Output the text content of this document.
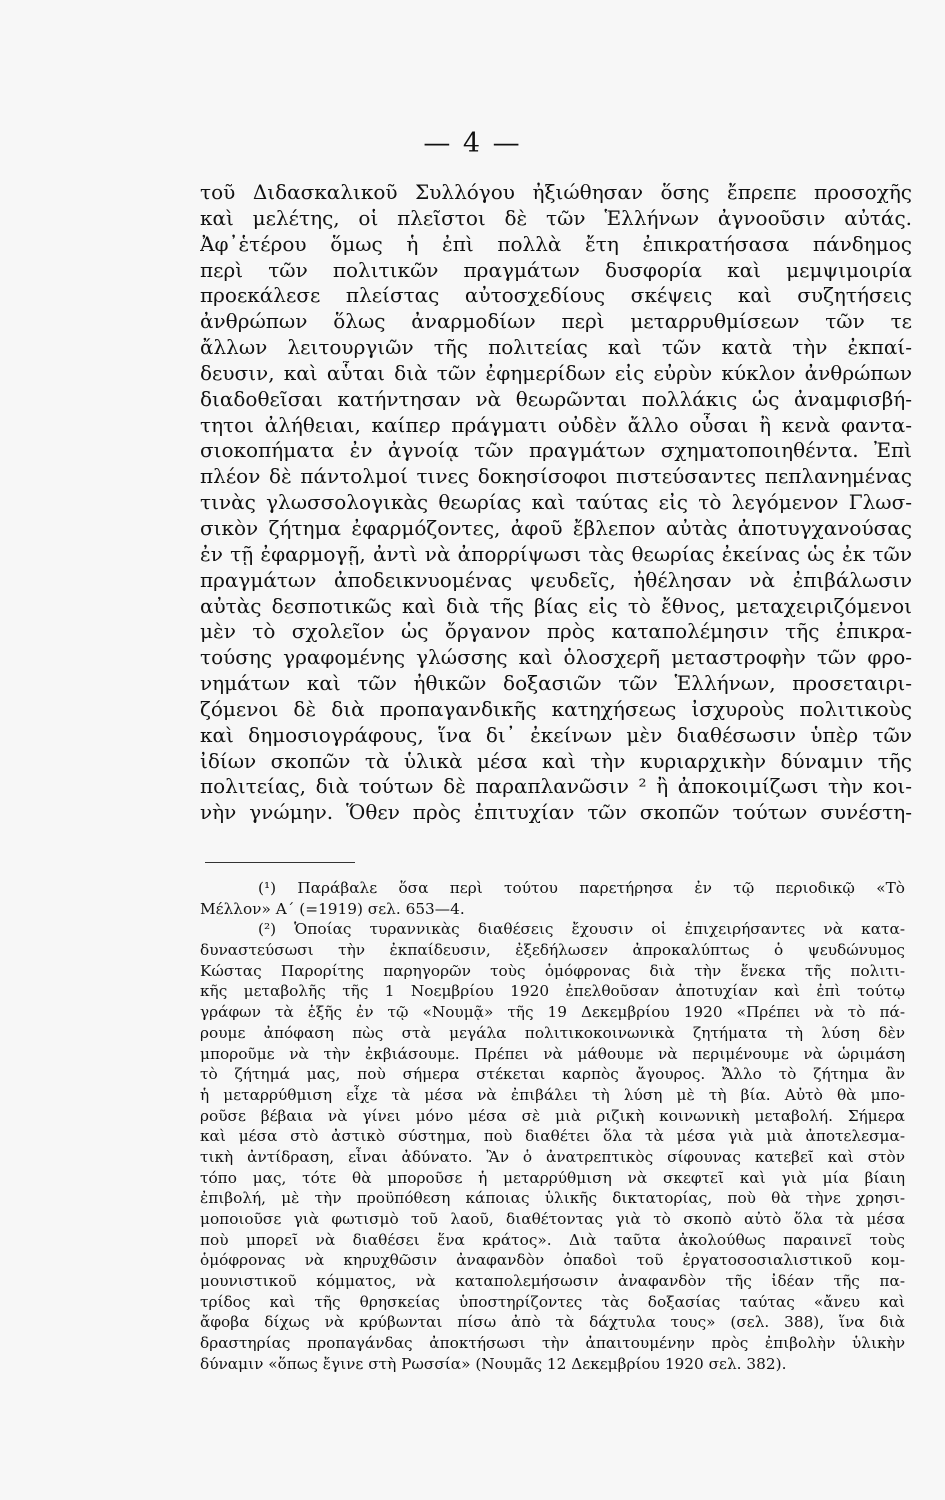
— 4 —
τοῦ Διδασκαλικοῦ Συλλόγου ἠξιώθησαν ὅσης ἔπρεπε προσοχῆς
καὶ μελέτης, οἱ πλεῖστοι δὲ τῶν Ἑλλήνων ἀγνοοῦσιν αὐτάς.
Ἀφ᾽ἑτέρου ὅμως ἡ ἐπὶ πολλὰ ἔτη ἐπικρατήσασα πάνδημος
περὶ τῶν πολιτικῶν πραγμάτων δυσφορία καὶ μεμψιμοιρία
προεκάλεσε πλείστας αὐτοσχεδίους σκέψεις καὶ συζητήσεις
ἀνθρώπων ὅλως ἀναρμοδίων περὶ μεταρρυθμίσεων τῶν τε
ἄλλων λειτουργιῶν τῆς πολιτείας καὶ τῶν κατὰ τὴν ἐκπαί-
δευσιν, καὶ αὗται διὰ τῶν ἐφημερίδων εἰς εὐρὺν κύκλον ἀνθρώπων
διαδοθεῖσαι κατήντησαν νὰ θεωρῶνται πολλάκις ὡς ἀναμφισβή-
τητοι ἀλήθειαι, καίπερ πράγματι οὐδὲν ἄλλο οὖσαι ἢ κενὰ φαντα-
σιοκοπήματα ἐν ἀγνοίᾳ τῶν πραγμάτων σχηματοποιηθέντα. Ἐπὶ
πλέον δὲ πάντολμοί τινες δοκησίσοφοι πιστεύσαντες πεπλανημένας
τινὰς γλωσσολογικὰς θεωρίας καὶ ταύτας εἰς τὸ λεγόμενον Γλωσ-
σικὸν ζήτημα ἐφαρμόζοντες, ἀφοῦ ἔβλεπον αὐτὰς ἀποτυγχανούσας
ἐν τῇ ἐφαρμογῇ, ἀντὶ νὰ ἀπορρίψωσι τὰς θεωρίας ἐκείνας ὡς ἐκ τῶν
πραγμάτων ἀποδεικνυομένας ψευδεῖς, ἠθέλησαν νὰ ἐπιβάλωσιν
αὐτὰς δεσποτικῶς καὶ διὰ τῆς βίας εἰς τὸ ἔθνος, μεταχειριζόμενοι
μὲν τὸ σχολεῖον ὡς ὄργανον πρὸς καταπολέμησιν τῆς ἐπικρα-
τούσης γραφομένης γλώσσης καὶ ὁλοσχερῆ μεταστροφὴν τῶν φρο-
νημάτων καὶ τῶν ἠθικῶν δοξασιῶν τῶν Ἑλλήνων, προσεταιρι-
ζόμενοι δὲ διὰ προπαγανδικῆς κατηχήσεως ἰσχυροὺς πολιτικοὺς
καὶ δημοσιογράφους, ἵνα δι᾽ ἐκείνων μὲν διαθέσωσιν ὑπὲρ τῶν
ἰδίων σκοπῶν τὰ ὑλικὰ μέσα καὶ τὴν κυριαρχικὴν δύναμιν τῆς
πολιτείας, διὰ τούτων δὲ παραπλανῶσιν ² ἢ ἀποκοιμίζωσι τὴν κοι-
νὴν γνώμην. Ὅθεν πρὸς ἐπιτυχίαν τῶν σκοπῶν τούτων συνέστη-
(¹) Παράβαλε ὅσα περὶ τούτου παρετήρησα ἐν τῷ περιοδικῷ «Τὸ
Μέλλον» Α΄ (=1919) σελ. 653—4.
(²) Ὁποίας τυραννικὰς διαθέσεις ἔχουσιν οἱ ἐπιχειρήσαντες νὰ κατα-
δυναστεύσωσι τὴν ἐκπαίδευσιν, ἐξεδήλωσεν ἀπροκαλύπτως ὁ ψευδώνυμος
Κώστας Παρορίτης παρηγορῶν τοὺς ὁμόφρονας διὰ τὴν ἕνεκα τῆς πολιτι-
κῆς μεταβολῆς τῆς 1 Νοεμβρίου 1920 ἐπελθοῦσαν ἀποτυχίαν καὶ ἐπὶ τούτῳ
γράφων τὰ ἑξῆς ἐν τῷ «Νουμᾷ» τῆς 19 Δεκεμβρίου 1920 «Πρέπει νὰ τὸ πά-
ρουμε ἀπόφαση πὼς στὰ μεγάλα πολιτικοκοινωνικὰ ζητήματα τὴ λύση δὲν
μποροῦμε νὰ τὴν ἐκβιάσουμε. Πρέπει νὰ μάθουμε νὰ περιμένουμε νὰ ὡριμάση
τὸ ζήτημά μας, ποὺ σήμερα στέκεται καρπὸς ἄγουρος. Ἄλλο τὸ ζήτημα ἂν
ἡ μεταρρύθμιση εἶχε τὰ μέσα νὰ ἐπιβάλει τὴ λύση μὲ τὴ βία. Αὐτὸ θὰ μπο-
ροῦσε βέβαια νὰ γίνει μόνο μέσα σὲ μιὰ ριζικὴ κοινωνικὴ μεταβολή. Σήμερα
καὶ μέσα στὸ ἀστικὸ σύστημα, ποὺ διαθέτει ὅλα τὰ μέσα γιὰ μιὰ ἀποτελεσμα-
τικὴ ἀντίδραση, εἶναι ἀδύνατο. Ἂν ὁ ἀνατρεπτικὸς σίφουνας κατεβεῖ καὶ στὸν
τόπο μας, τότε θὰ μποροῦσε ἡ μεταρρύθμιση νὰ σκεφτεῖ καὶ γιὰ μία βίαιη
ἐπιβολή, μὲ τὴν προϋπόθεση κάποιας ὑλικῆς δικτατορίας, ποὺ θὰ τὴνε χρησι-
μοποιοῦσε γιὰ φωτισμὸ τοῦ λαοῦ, διαθέτοντας γιὰ τὸ σκοπὸ αὐτὸ ὅλα τὰ μέσα
ποὺ μπορεῖ νὰ διαθέσει ἕνα κράτος». Διὰ ταῦτα ἀκολούθως παραινεῖ τοὺς
ὁμόφρονας νὰ κηρυχθῶσιν ἀναφανδὸν ὀπαδοὶ τοῦ ἐργατοσοσιαλιστικοῦ κομ-
μουνιστικοῦ κόμματος, νὰ καταπολεμήσωσιν ἀναφανδὸν τῆς ἰδέαν τῆς πα-
τρίδος καὶ τῆς θρησκείας ὑποστηρίζοντες τὰς δοξασίας ταύτας «ἄνευ καὶ
ἄφοβα δίχως νὰ κρύβωνται πίσω ἀπὸ τὰ δάχτυλα τους» (σελ. 388), ἵνα διὰ
δραστηρίας προπαγάνδας ἀποκτήσωσι τὴν ἀπαιτουμένην πρὸς ἐπιβολὴν ὑλικὴν
δύναμιν «ὅπως ἔγινε στὴ Ρωσσία» (Νουμᾶς 12 Δεκεμβρίου 1920 σελ. 382).
